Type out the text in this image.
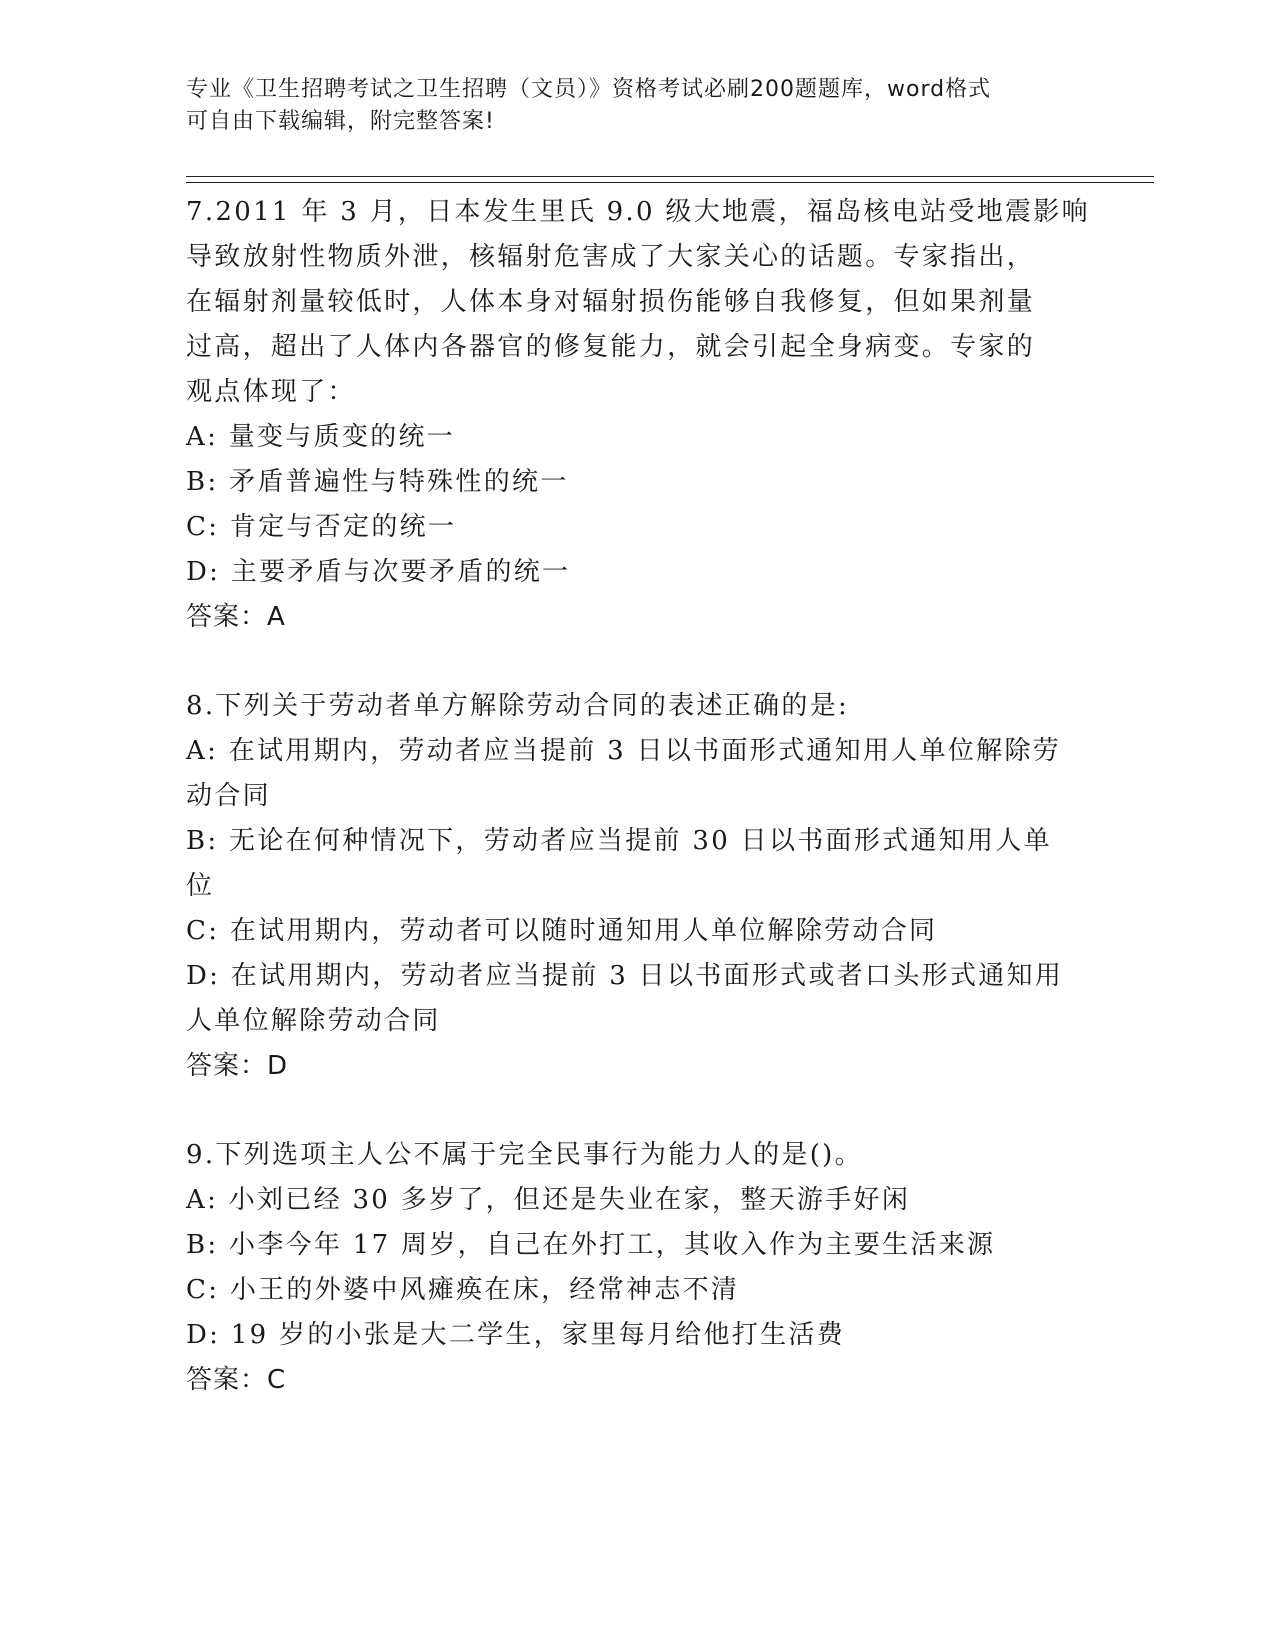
专业《卫生招聘考试之卫生招聘（文员）》资格考试必刷200题题库，word格式
可自由下载编辑，附完整答案!

7.2011 年 3 月，日本发生里氏 9.0 级大地震，福岛核电站受地震影响

导致放射性物质外泄，核辐射危害成了大家关心的话题。专家指出，

在辐射剂量较低时，人体本身对辐射损伤能够自我修复，但如果剂量

过高，超出了人体内各器官的修复能力，就会引起全身病变。专家的

观点体现了：

A: 量变与质变的统一

B: 矛盾普遍性与特殊性的统一

C: 肯定与否定的统一

D: 主要矛盾与次要矛盾的统一

答案：A

8.下列关于劳动者单方解除劳动合同的表述正确的是:

A: 在试用期内，劳动者应当提前 3 日以书面形式通知用人单位解除劳

动合同

B: 无论在何种情况下，劳动者应当提前 30 日以书面形式通知用人单

位

C: 在试用期内，劳动者可以随时通知用人单位解除劳动合同

D: 在试用期内，劳动者应当提前 3 日以书面形式或者口头形式通知用

人单位解除劳动合同

答案：D

9.下列选项主人公不属于完全民事行为能力人的是()。

A: 小刘已经 30 多岁了，但还是失业在家，整天游手好闲

B: 小李今年 17 周岁，自己在外打工，其收入作为主要生活来源

C: 小王的外婆中风瘫痪在床，经常神志不清

D: 19 岁的小张是大二学生，家里每月给他打生活费

答案：C
